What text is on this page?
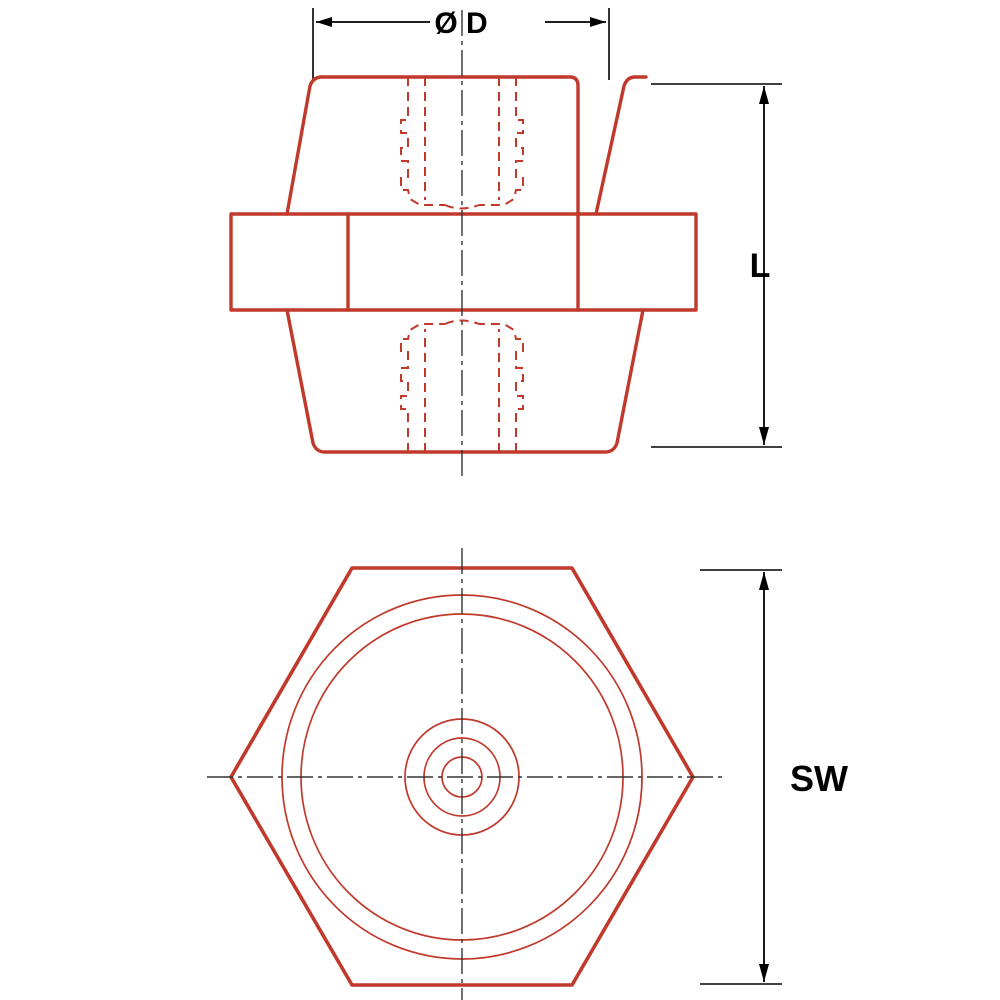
Ø D
L
SW
